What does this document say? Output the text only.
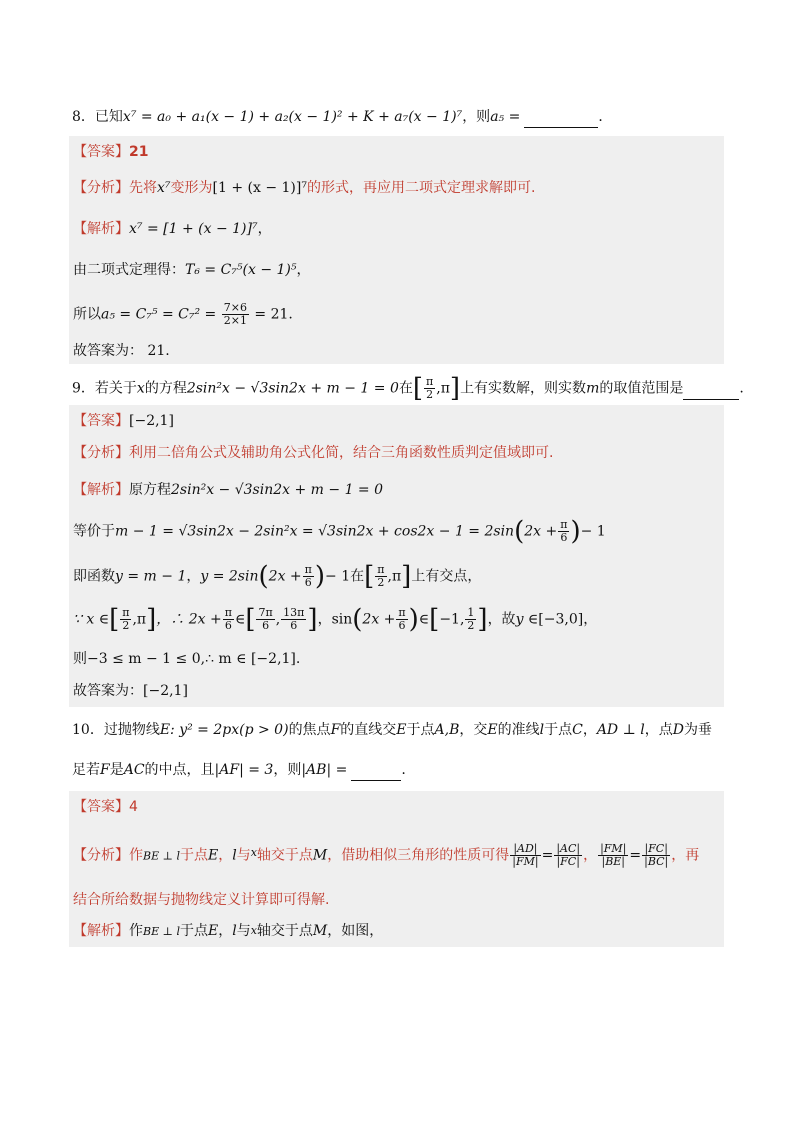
8．已知x⁷ = a₀ + a₁(x − 1) + a₂(x − 1)² + K + a₇(x − 1)⁷，则a₅ =	．
【答案】21
【分析】先将x⁷变形为[1 + (x − 1)]⁷的形式，再应用二项式定理求解即可.
【解析】x⁷ = [1 + (x − 1)]⁷，
由二项式定理得：T₆ = C₇⁵(x − 1)⁵，
所以$a_5 = C_7^5 = C_7^2 = \frac{7\times 6}{2\times 1} = 21$.
故答案为： 21.
9．若关于x的方程2sin²x − √3sin2x + m − 1 = 0在[ $\frac{\pi}{2} ,\pi$]上有实数解，则实数m的取值范围是	.
【答案】[−2,1]
【分析】利用二倍角公式及辅助角公式化简，结合三角函数性质判定值域即可.
【解析】原方程2sin²x − √3sin2x + m − 1 = 0
等价于$m - 1 = √3\sin 2x - 2\sin^2x = √3\sin 2x + \cos 2x - 1 = 2\sin(2x + \frac{\pi}{6}$ )− 1
即函数y = m − 1，$y = 2\sin(2x + \frac{\pi}{6}$ )− 1在[ $\frac{\pi}{2} ,\pi$]上有交点，
∵ x ∈[ $\frac{\pi}{2} ,\pi$]，∴ $2x + \frac{\pi}{6}$ ∈[ $\frac{7\pi}{6}$ , $\frac{13\pi}{6}$ ]，$\sin(2x + \frac{\pi}{6}$ )∈[−1, $\frac{1}{2}$ ]，故y ∈[−3,0]，
则−3 ≤ m − 1 ≤ 0,∴ m ∈ [−2,1].
故答案为：[−2,1]
10．过抛物线E: y² = 2px(p > 0)的焦点F的直线交E于点A,B，交E的准线l于点C，AD ⊥ l，点D为垂
足若F是AC的中点，且|AF| = 3，则|AB| =	.
【答案】4
【分析】作BE ⊥ l于点E，l与$^x$轴交于点M，借助相似三角形的性质可得 $\frac{|AD|}{|FM|} = \frac{|AC|}{|FC|}$ ， $\frac{|FM|}{|BE|} = \frac{|FC|}{|BC|}$ ，再
结合所给数据与抛物线定义计算即可得解.
【解析】作BE ⊥ l于点E，l与$^x$轴交于点M，如图，
